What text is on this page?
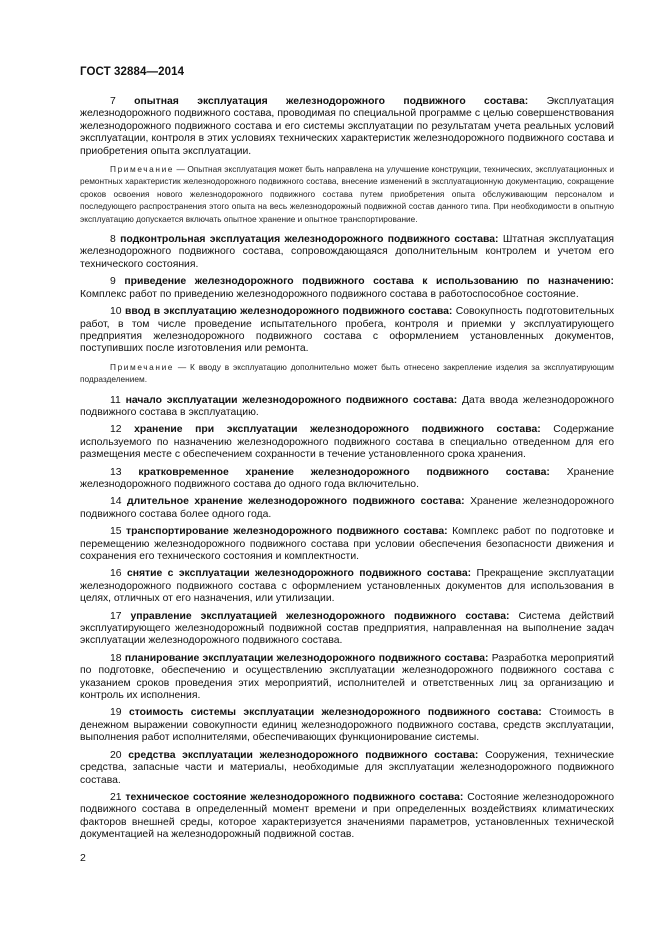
ГОСТ 32884—2014

7 опытная эксплуатация железнодорожного подвижного состава: Эксплуатация железнодорожного подвижного состава, проводимая по специальной программе с целью совершенствования железнодорожного подвижного состава и его системы эксплуатации по результатам учета реальных условий эксплуатации, контроля в этих условиях технических характеристик железнодорожного подвижного состава и приобретения опыта эксплуатации.

Примечание — Опытная эксплуатация может быть направлена на улучшение конструкции, технических, эксплуатационных и ремонтных характеристик железнодорожного подвижного состава, внесение изменений в эксплуатационную документацию, сокращение сроков освоения нового железнодорожного подвижного состава путем приобретения опыта обслуживающим персоналом и последующего распространения этого опыта на весь железнодорожный подвижной состав данного типа. При необходимости в опытную эксплуатацию допускается включать опытное хранение и опытное транспортирование.

8 подконтрольная эксплуатация железнодорожного подвижного состава: Штатная эксплуатация железнодорожного подвижного состава, сопровождающаяся дополнительным контролем и учетом его технического состояния.

9 приведение железнодорожного подвижного состава к использованию по назначению: Комплекс работ по приведению железнодорожного подвижного состава в работоспособное состояние.

10 ввод в эксплуатацию железнодорожного подвижного состава: Совокупность подготовительных работ, в том числе проведение испытательного пробега, контроля и приемки у эксплуатирующего предприятия железнодорожного подвижного состава с оформлением установленных документов, поступивших после изготовления или ремонта.

Примечание — К вводу в эксплуатацию дополнительно может быть отнесено закрепление изделия за эксплуатирующим подразделением.

11 начало эксплуатации железнодорожного подвижного состава: Дата ввода железнодорожного подвижного состава в эксплуатацию.

12 хранение при эксплуатации железнодорожного подвижного состава: Содержание используемого по назначению железнодорожного подвижного состава в специально отведенном для его размещения месте с обеспечением сохранности в течение установленного срока хранения.

13 кратковременное хранение железнодорожного подвижного состава: Хранение железнодорожного подвижного состава до одного года включительно.

14 длительное хранение железнодорожного подвижного состава: Хранение железнодорожного подвижного состава более одного года.

15 транспортирование железнодорожного подвижного состава: Комплекс работ по подготовке и перемещению железнодорожного подвижного состава при условии обеспечения безопасности движения и сохранения его технического состояния и комплектности.

16 снятие с эксплуатации железнодорожного подвижного состава: Прекращение эксплуатации железнодорожного подвижного состава с оформлением установленных документов для использования в целях, отличных от его назначения, или утилизации.

17 управление эксплуатацией железнодорожного подвижного состава: Система действий эксплуатирующего железнодорожный подвижной состав предприятия, направленная на выполнение задач эксплуатации железнодорожного подвижного состава.

18 планирование эксплуатации железнодорожного подвижного состава: Разработка мероприятий по подготовке, обеспечению и осуществлению эксплуатации железнодорожного подвижного состава с указанием сроков проведения этих мероприятий, исполнителей и ответственных лиц за организацию и контроль их исполнения.

19 стоимость системы эксплуатации железнодорожного подвижного состава: Стоимость в денежном выражении совокупности единиц железнодорожного подвижного состава, средств эксплуатации, выполнения работ исполнителями, обеспечивающих функционирование системы.

20 средства эксплуатации железнодорожного подвижного состава: Сооружения, технические средства, запасные части и материалы, необходимые для эксплуатации железнодорожного подвижного состава.

21 техническое состояние железнодорожного подвижного состава: Состояние железнодорожного подвижного состава в определенный момент времени и при определенных воздействиях климатических факторов внешней среды, которое характеризуется значениями параметров, установленных технической документацией на железнодорожный подвижной состав.

2
